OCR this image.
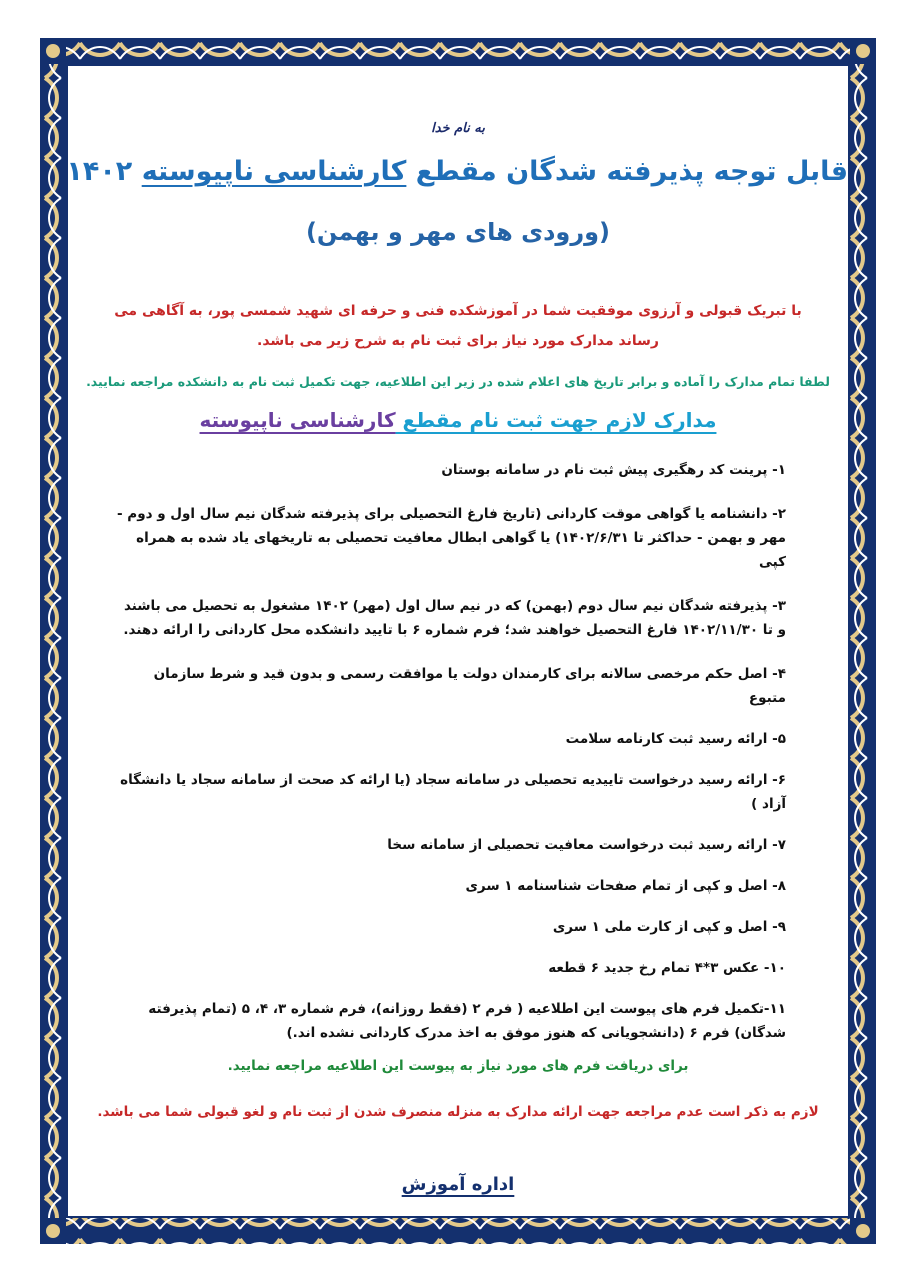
به نام خدا

قابل توجه پذیرفته شدگان مقطع کارشناسی ناپیوسته ۱۴۰۲

(ورودی های مهر و بهمن)

با تبریک قبولی و آرزوی موفقیت شما در آموزشکده فنی و حرفه ای شهید شمسی پور، به آگاهی می رساند مدارک مورد نیاز برای ثبت نام به شرح زیر می باشد.

لطفا تمام مدارک را آماده و برابر تاریخ های اعلام شده در زیر این اطلاعیه، جهت تکمیل ثبت نام به دانشکده مراجعه نمایید.

مدارک لازم جهت ثبت نام مقطع کارشناسی ناپیوسته

۱- پرینت کد رهگیری پیش ثبت نام در سامانه بوستان
۲- دانشنامه یا گواهی موقت کاردانی (تاریخ فارغ التحصیلی برای پذیرفته شدگان نیم سال اول و دوم - مهر و بهمن - حداکثر تا ۱۴۰۲/۶/۳۱) یا گواهی ابطال معافیت تحصیلی به تاریخهای یاد شده به همراه کپی
۳- پذیرفته شدگان نیم سال دوم (بهمن) که در نیم سال اول (مهر) ۱۴۰۲ مشغول به تحصیل می باشند و تا ۱۴۰۲/۱۱/۳۰ فارغ التحصیل خواهند شد؛ فرم شماره ۶ با تایید دانشکده محل کاردانی را ارائه دهند.
۴- اصل حکم مرخصی سالانه برای کارمندان دولت یا موافقت رسمی و بدون قید و شرط سازمان متبوع
۵- ارائه رسید ثبت کارنامه سلامت
۶- ارائه رسید درخواست تاییدیه تحصیلی در سامانه سجاد (یا ارائه کد صحت از سامانه سجاد یا دانشگاه آزاد )
۷- ارائه رسید ثبت درخواست معافیت تحصیلی از سامانه سخا
۸- اصل و کپی از تمام صفحات شناسنامه ۱ سری
۹- اصل و کپی از کارت ملی ۱ سری
۱۰- عکس ۳*۴ تمام رخ جدید ۶ قطعه
۱۱-تکمیل فرم های پیوست این اطلاعیه ( فرم ۲ (فقط روزانه)، فرم شماره ۳، ۴، ۵ (تمام پذیرفته شدگان) فرم ۶ (دانشجویانی که هنوز موفق به اخذ مدرک کاردانی نشده اند.)

برای دریافت فرم های مورد نیاز به پیوست این اطلاعیه مراجعه نمایید.

لازم به ذکر است عدم مراجعه جهت ارائه مدارک به منزله منصرف شدن از ثبت نام و لغو قبولی شما می باشد.

اداره آموزش
